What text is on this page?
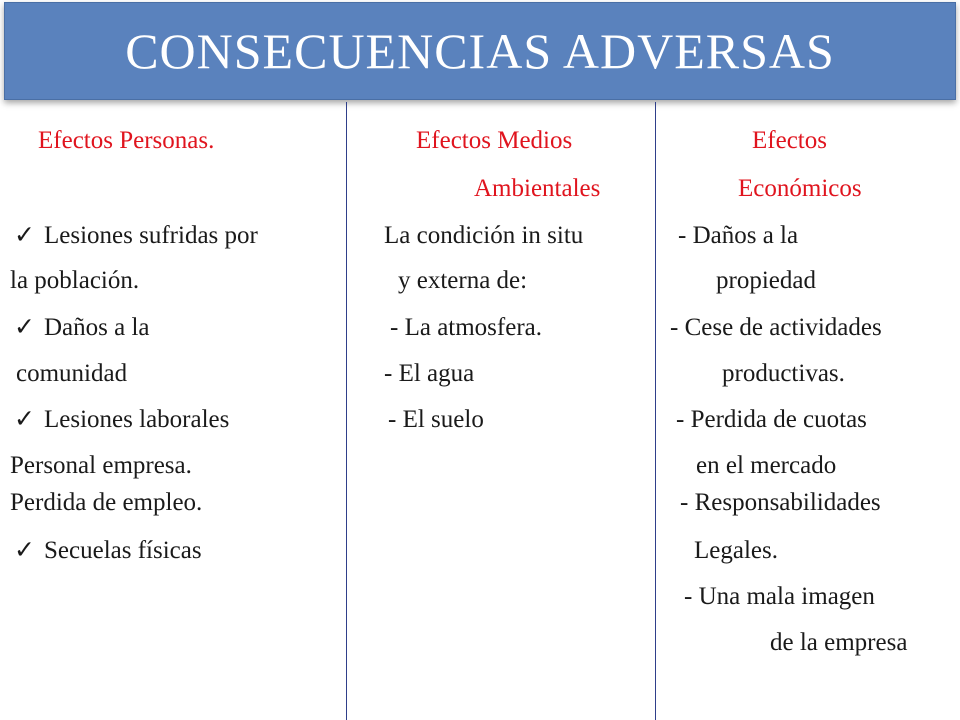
CONSECUENCIAS ADVERSAS
Efectos Personas.
✓ Lesiones sufridas por
la población.
✓ Daños a la
comunidad
✓ Lesiones laborales
Personal empresa.
Perdida de empleo.
✓ Secuelas físicas
Efectos Medios
Ambientales
La condición in situ
y externa de:
- La atmosfera.
- El agua
- El suelo
Efectos
Económicos
- Daños a la
propiedad
- Cese de actividades
productivas.
- Perdida de cuotas
en el mercado
- Responsabilidades
Legales.
- Una mala imagen
de la empresa
